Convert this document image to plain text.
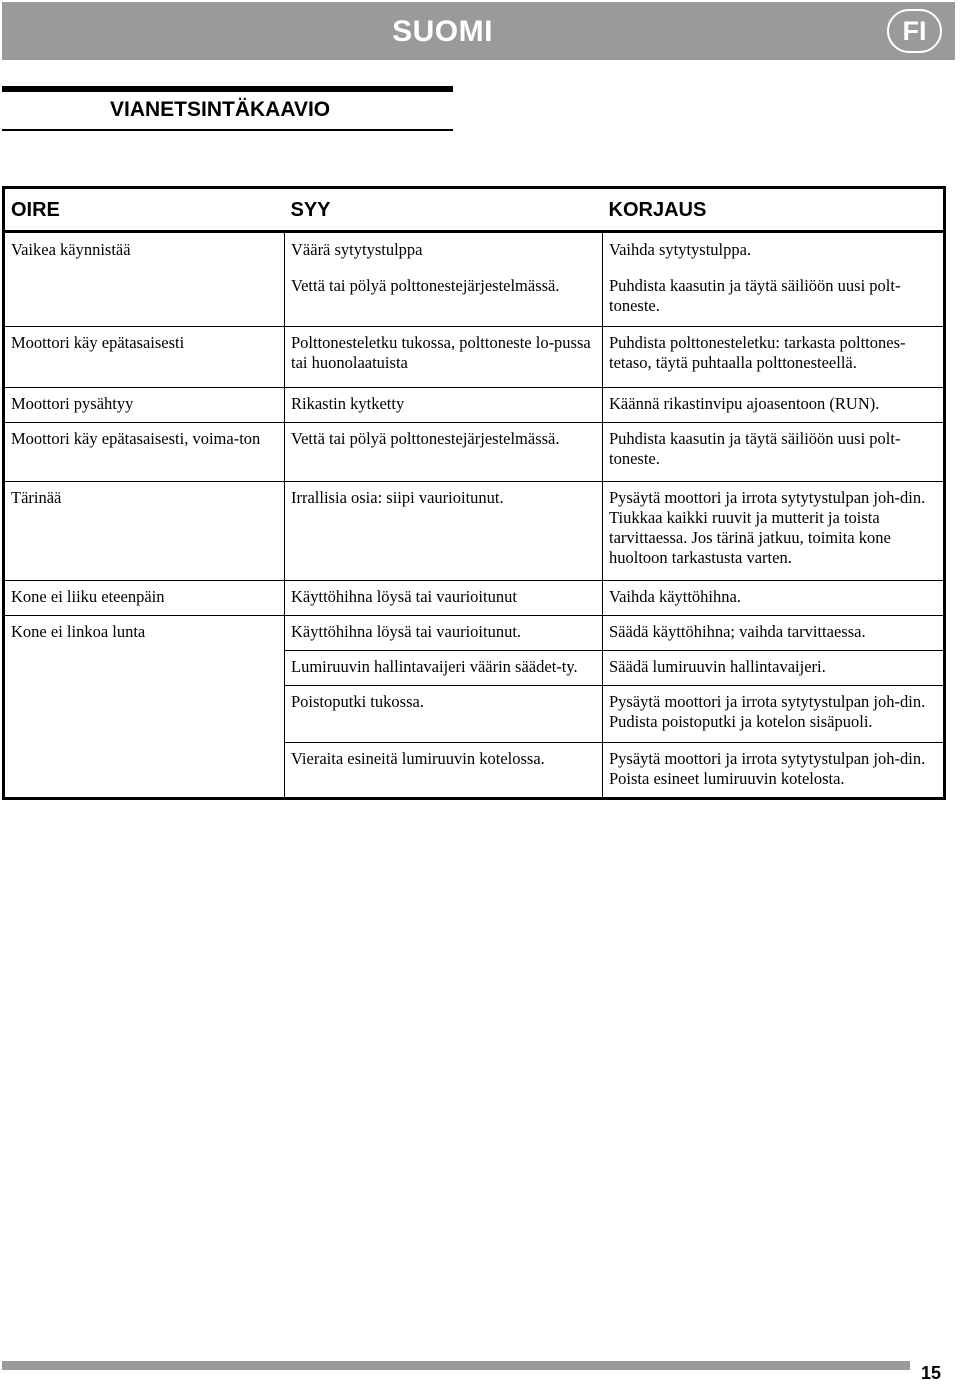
SUOMI	FI
VIANETSINTÄKAAVIO
OIRE	SYY	KORJAUS
Vaikea käynnistää	Väärä sytytystulppa	Vaihda sytytystulppa.
	Vettä tai pölyä polttonestejärjestelmässä.	Puhdista kaasutin ja täytä säiliöön uusi polt-toneste.
Moottori käy epätasaisesti	Polttonesteletku tukossa, polttoneste lo-pussa tai huonolaatuista	Puhdista polttonesteletku: tarkasta polttones-tetaso, täytä puhtaalla polttonesteellä.
Moottori pysähtyy	Rikastin kytketty	Käännä rikastinvipu ajoasentoon (RUN).
Moottori käy epätasaisesti, voima-ton	Vettä tai pölyä polttonestejärjestelmässä.	Puhdista kaasutin ja täytä säiliöön uusi polt-toneste.
Tärinää	Irrallisia osia: siipi vaurioitunut.	Pysäytä moottori ja irrota sytytystulpan joh-din. Tiukkaa kaikki ruuvit ja mutterit ja toista tarvittaessa. Jos tärinä jatkuu, toimita kone huoltoon tarkastusta varten.
Kone ei liiku eteenpäin	Käyttöhihna löysä tai vaurioitunut	Vaihda käyttöhihna.
Kone ei linkoa lunta	Käyttöhihna löysä tai vaurioitunut.	Säädä käyttöhihna; vaihda tarvittaessa.
	Lumiruuvin hallintavaijeri väärin säädet-ty.	Säädä lumiruuvin hallintavaijeri.
	Poistoputki tukossa.	Pysäytä moottori ja irrota sytytystulpan joh-din. Pudista poistoputki ja kotelon sisäpuoli.
	Vieraita esineitä lumiruuvin kotelossa.	Pysäytä moottori ja irrota sytytystulpan joh-din. Poista esineet lumiruuvin kotelosta.
15
